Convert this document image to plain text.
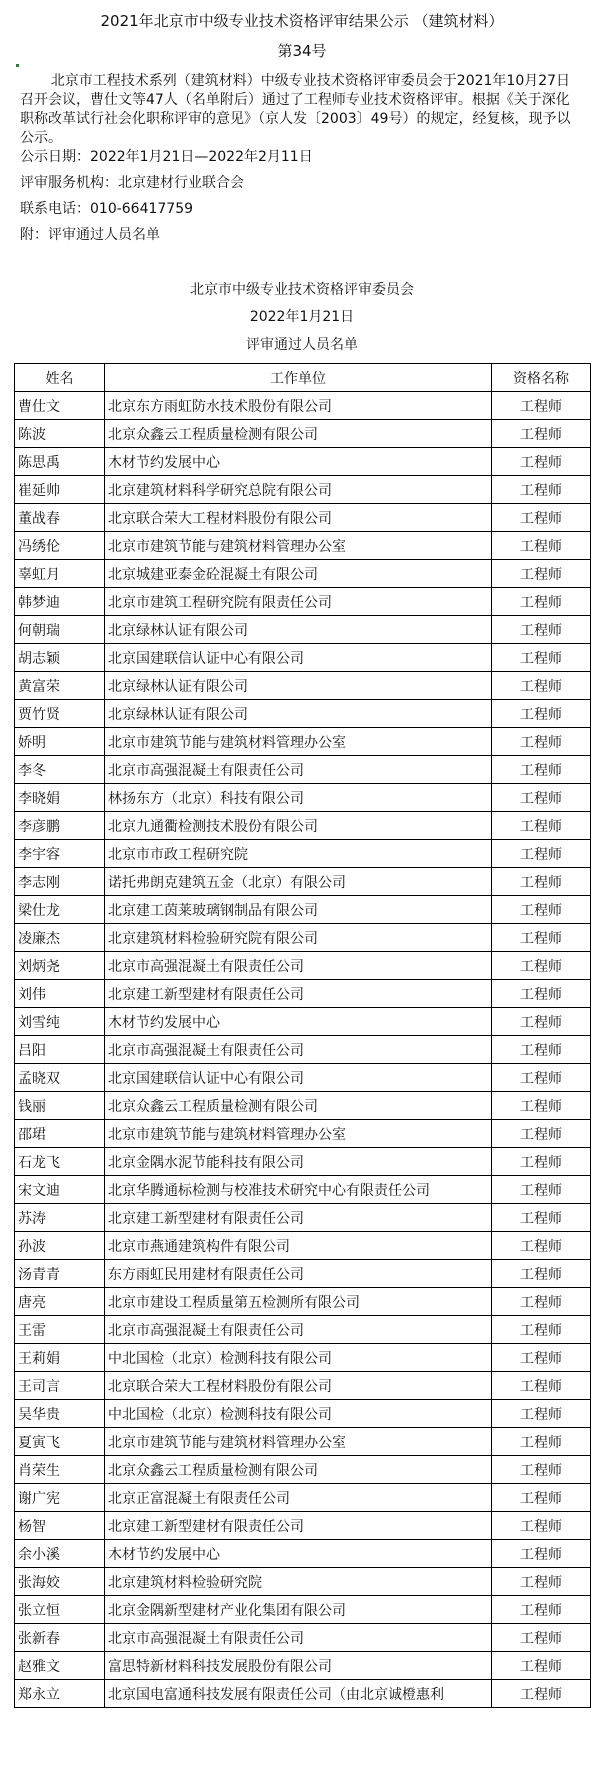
2021年北京市中级专业技术资格评审结果公示 （建筑材料）
第34号
北京市工程技术系列（建筑材料）中级专业技术资格评审委员会于2021年10月27日召开会议，曹仕文等47人（名单附后）通过了工程师专业技术资格评审。根据《关于深化职称改革试行社会化职称评审的意见》（京人发〔2003〕49号）的规定，经复核，现予以公示。
公示日期：2022年1月21日—2022年2月11日
评审服务机构：北京建材行业联合会
联系电话：010-66417759
附：评审通过人员名单
北京市中级专业技术资格评审委员会
2022年1月21日
评审通过人员名单
姓名	工作单位	资格名称
曹仕文	北京东方雨虹防水技术股份有限公司	工程师
陈波	北京众鑫云工程质量检测有限公司	工程师
陈思禹	木材节约发展中心	工程师
崔延帅	北京建筑材料科学研究总院有限公司	工程师
董战春	北京联合荣大工程材料股份有限公司	工程师
冯绣伦	北京市建筑节能与建筑材料管理办公室	工程师
辜虹月	北京城建亚泰金砼混凝土有限公司	工程师
韩梦迪	北京市建筑工程研究院有限责任公司	工程师
何朝瑞	北京绿林认证有限公司	工程师
胡志颖	北京国建联信认证中心有限公司	工程师
黄富荣	北京绿林认证有限公司	工程师
贾竹贤	北京绿林认证有限公司	工程师
娇明	北京市建筑节能与建筑材料管理办公室	工程师
李冬	北京市高强混凝土有限责任公司	工程师
李晓娟	林扬东方（北京）科技有限公司	工程师
李彦鹏	北京九通衢检测技术股份有限公司	工程师
李宇容	北京市市政工程研究院	工程师
李志刚	诺托弗朗克建筑五金（北京）有限公司	工程师
梁仕龙	北京建工茵莱玻璃钢制品有限公司	工程师
凌廉杰	北京建筑材料检验研究院有限公司	工程师
刘炳尧	北京市高强混凝土有限责任公司	工程师
刘伟	北京建工新型建材有限责任公司	工程师
刘雪纯	木材节约发展中心	工程师
吕阳	北京市高强混凝土有限责任公司	工程师
孟晓双	北京国建联信认证中心有限公司	工程师
钱丽	北京众鑫云工程质量检测有限公司	工程师
邵珺	北京市建筑节能与建筑材料管理办公室	工程师
石龙飞	北京金隅水泥节能科技有限公司	工程师
宋文迪	北京华腾通标检测与校准技术研究中心有限责任公司	工程师
苏涛	北京建工新型建材有限责任公司	工程师
孙波	北京市燕通建筑构件有限公司	工程师
汤青青	东方雨虹民用建材有限责任公司	工程师
唐亮	北京市建设工程质量第五检测所有限公司	工程师
王雷	北京市高强混凝土有限责任公司	工程师
王莉娟	中北国检（北京）检测科技有限公司	工程师
王司言	北京联合荣大工程材料股份有限公司	工程师
吴华贵	中北国检（北京）检测科技有限公司	工程师
夏寅飞	北京市建筑节能与建筑材料管理办公室	工程师
肖荣生	北京众鑫云工程质量检测有限公司	工程师
谢广宪	北京正富混凝土有限责任公司	工程师
杨智	北京建工新型建材有限责任公司	工程师
余小溪	木材节约发展中心	工程师
张海姣	北京建筑材料检验研究院	工程师
张立恒	北京金隅新型建材产业化集团有限公司	工程师
张新春	北京市高强混凝土有限责任公司	工程师
赵雅文	富思特新材料科技发展股份有限公司	工程师
郑永立	北京国电富通科技发展有限责任公司（由北京诚橙惠利	工程师
